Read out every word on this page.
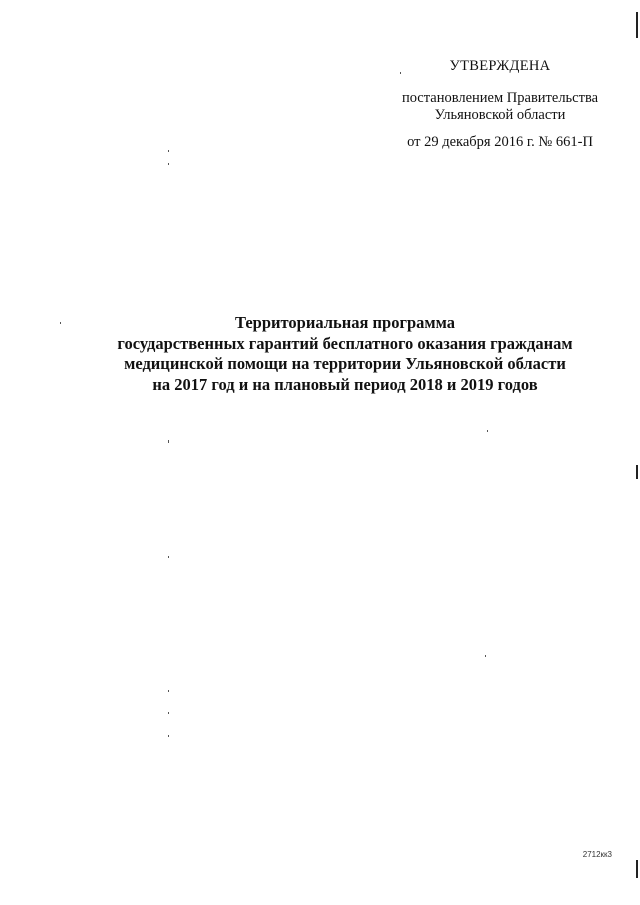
УТВЕРЖДЕНА
постановлением Правительства
Ульяновской области
от 29 декабря 2016 г. № 661-П
Территориальная программа
государственных гарантий бесплатного оказания гражданам
медицинской помощи на территории Ульяновской области
на 2017 год и на плановый период 2018 и 2019 годов
2712кк3
